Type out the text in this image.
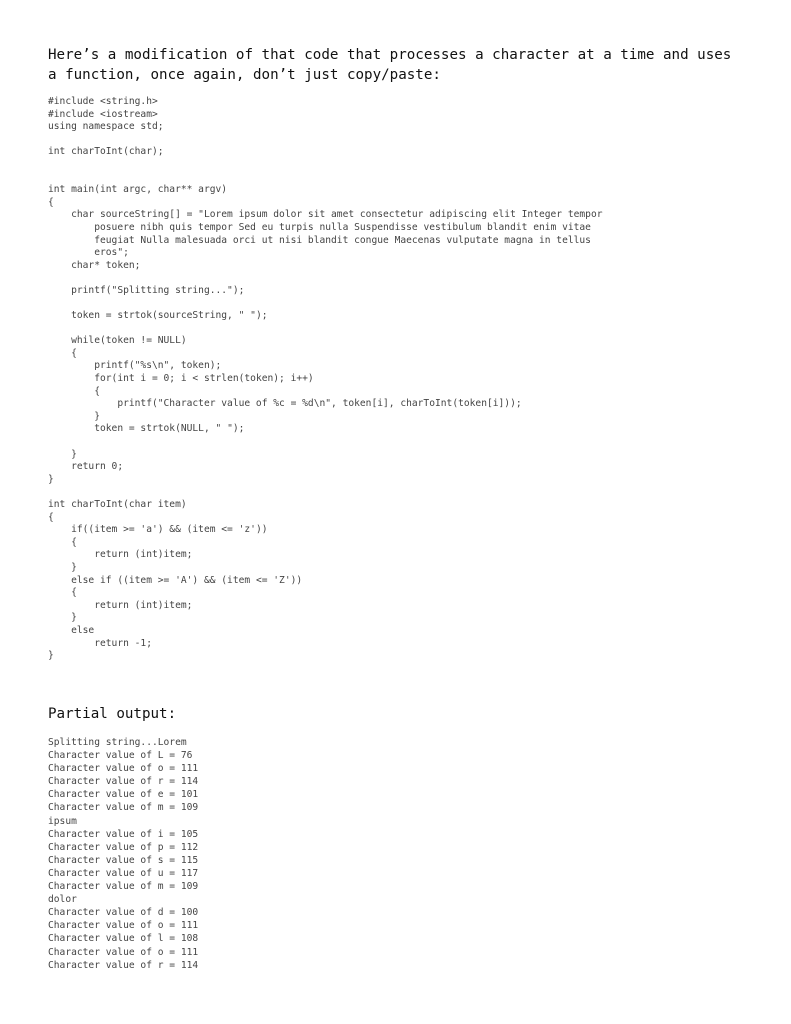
Here’s a modification of that code that processes a character at a time and uses
a function, once again, don’t just copy/paste:

#include <string.h>
#include <iostream>
using namespace std;
int charToInt(char);
int main(int argc, char** argv)
{
	char sourceString[] = "Lorem ipsum dolor sit amet consectetur adipiscing elit Integer tempor
		posuere nibh quis tempor Sed eu turpis nulla Suspendisse vestibulum blandit enim vitae
		feugiat Nulla malesuada orci ut nisi blandit congue Maecenas vulputate magna in tellus
		eros";
	char* token;
	printf("Splitting string...");
	token = strtok(sourceString, " ");
	while(token != NULL)
	{
		printf("%s\n", token);
		for(int i = 0; i < strlen(token); i++)
		{
			printf("Character value of %c = %d\n", token[i], charToInt(token[i]));
		}
		token = strtok(NULL, " ");
	}
	return 0;
}
int charToInt(char item)
{
	if((item >= 'a') && (item <= 'z'))
	{
		return (int)item;
	}
	else if ((item >= 'A') && (item <= 'Z'))
	{
		return (int)item;
	}
	else
		return -1;
}

Partial output:

Splitting string...Lorem
Character value of L = 76
Character value of o = 111
Character value of r = 114
Character value of e = 101
Character value of m = 109
ipsum
Character value of i = 105
Character value of p = 112
Character value of s = 115
Character value of u = 117
Character value of m = 109
dolor
Character value of d = 100
Character value of o = 111
Character value of l = 108
Character value of o = 111
Character value of r = 114
